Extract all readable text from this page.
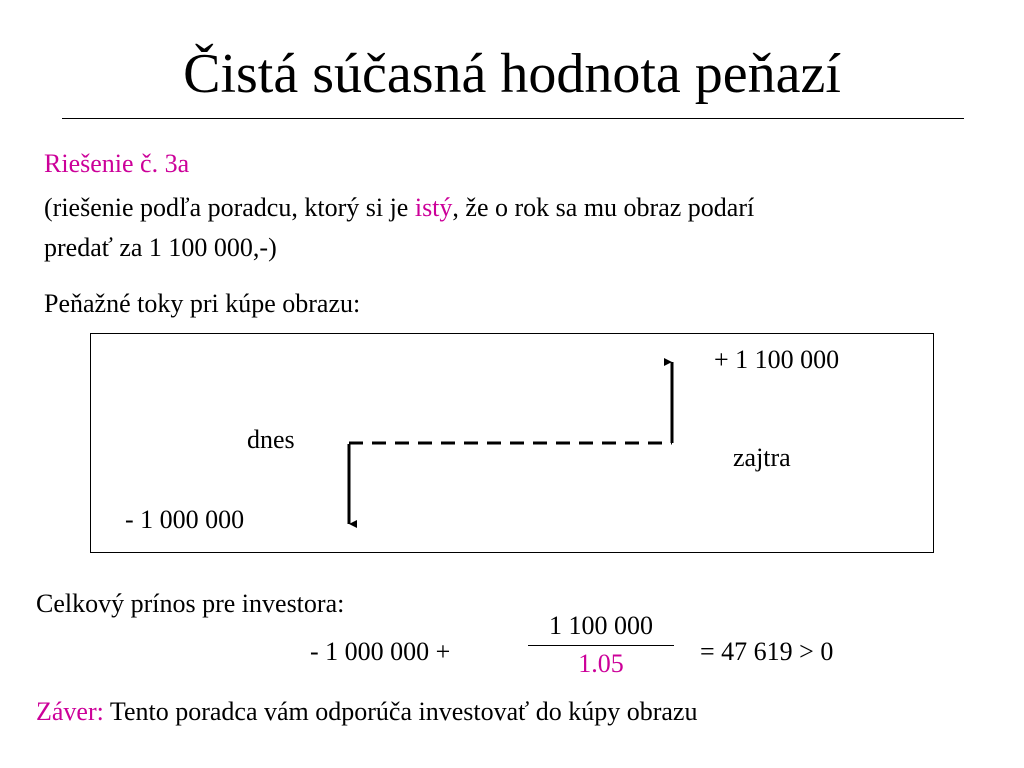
Čistá súčasná hodnota peňazí
Riešenie č. 3a
(riešenie podľa poradcu, ktorý si je istý, že o rok sa mu obraz podarí
predať za 1 100 000,-)
Peňažné toky pri kúpe obrazu:
+ 1 100 000
dnes
zajtra
- 1 000 000
Celkový prínos pre investora:
- 1 000 000 +
1 100 000
1.05	= 47 619 > 0
Záver: Tento poradca vám odporúča investovať do kúpy obrazu
